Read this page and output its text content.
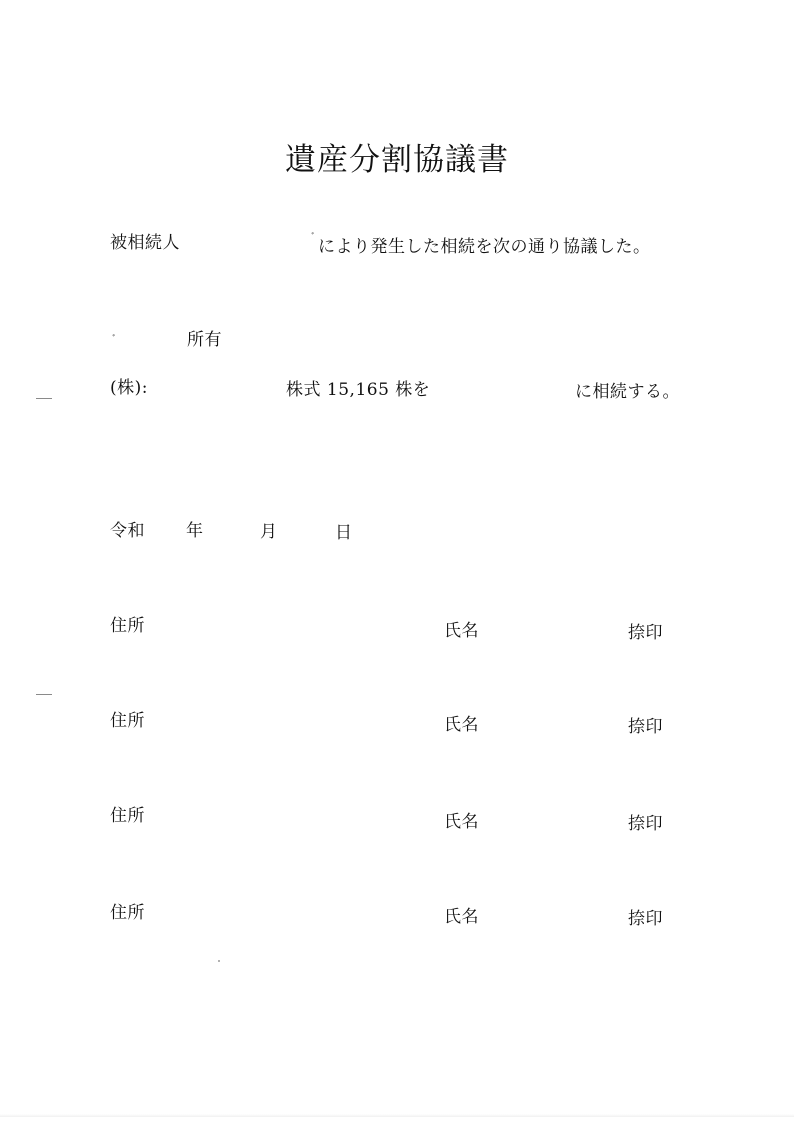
遺産分割協議書
被相続人	ﾞ により発生した相続を次の通り協議した。
ﾞ	所有
(株):	株式 15,165 株を	に相続する。
令和 年	月	日
住所	氏名	捺印
住所	氏名	捺印
住所	氏名	捺印
住所	氏名	捺印
